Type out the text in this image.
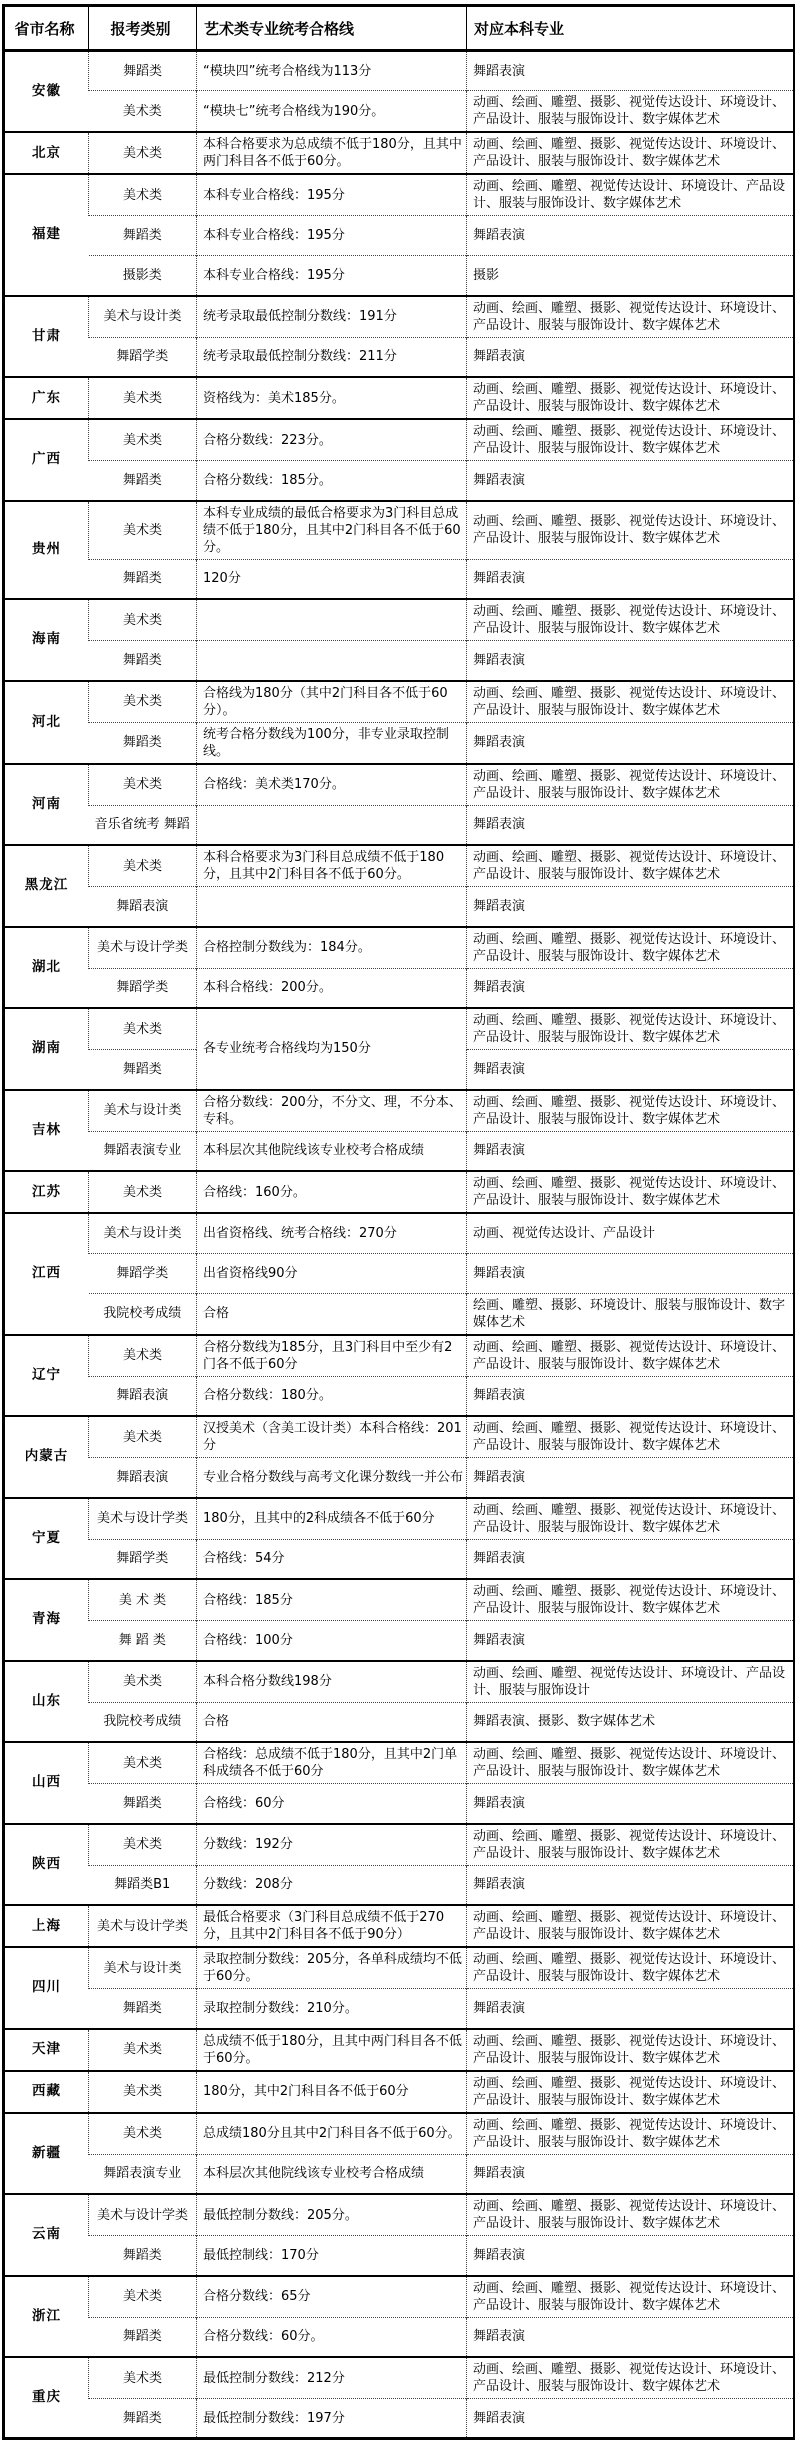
省市名称	报考类别	艺术类专业统考合格线	对应本科专业
安徽	舞蹈类	“模块四”统考合格线为113分	舞蹈表演
	美术类	“模块七”统考合格线为190分。	动画、绘画、雕塑、摄影、视觉传达设计、环境设计、产品设计、服装与服饰设计、数字媒体艺术
北京	美术类	本科合格要求为总成绩不低于180分，且其中两门科目各不低于60分。	动画、绘画、雕塑、摄影、视觉传达设计、环境设计、产品设计、服装与服饰设计、数字媒体艺术
福建	美术类	本科专业合格线：195分	动画、绘画、雕塑、视觉传达设计、环境设计、产品设计、服装与服饰设计、数字媒体艺术
	舞蹈类	本科专业合格线：195分	舞蹈表演
	摄影类	本科专业合格线：195分	摄影
甘肃	美术与设计类	统考录取最低控制分数线：191分	动画、绘画、雕塑、摄影、视觉传达设计、环境设计、产品设计、服装与服饰设计、数字媒体艺术
	舞蹈学类	统考录取最低控制分数线：211分	舞蹈表演
广东	美术类	资格线为：美术185分。	动画、绘画、雕塑、摄影、视觉传达设计、环境设计、产品设计、服装与服饰设计、数字媒体艺术
广西	美术类	合格分数线：223分。	动画、绘画、雕塑、摄影、视觉传达设计、环境设计、产品设计、服装与服饰设计、数字媒体艺术
	舞蹈类	合格分数线：185分。	舞蹈表演
贵州	美术类	本科专业成绩的最低合格要求为3门科目总成绩不低于180分，且其中2门科目各不低于60分。	动画、绘画、雕塑、摄影、视觉传达设计、环境设计、产品设计、服装与服饰设计、数字媒体艺术
	舞蹈类	120分	舞蹈表演
海南	美术类		动画、绘画、雕塑、摄影、视觉传达设计、环境设计、产品设计、服装与服饰设计、数字媒体艺术
	舞蹈类		舞蹈表演
河北	美术类	合格线为180分（其中2门科目各不低于60分）。	动画、绘画、雕塑、摄影、视觉传达设计、环境设计、产品设计、服装与服饰设计、数字媒体艺术
	舞蹈类	统考合格分数线为100分，非专业录取控制线。	舞蹈表演
河南	美术类	合格线：美术类170分。	动画、绘画、雕塑、摄影、视觉传达设计、环境设计、产品设计、服装与服饰设计、数字媒体艺术
	音乐省统考 舞蹈		舞蹈表演
黑龙江	美术类	本科合格要求为3门科目总成绩不低于180分，且其中2门科目各不低于60分。	动画、绘画、雕塑、摄影、视觉传达设计、环境设计、产品设计、服装与服饰设计、数字媒体艺术
	舞蹈表演		舞蹈表演
湖北	美术与设计学类	合格控制分数线为：184分。	动画、绘画、雕塑、摄影、视觉传达设计、环境设计、产品设计、服装与服饰设计、数字媒体艺术
	舞蹈学类	本科合格线：200分。	舞蹈表演
湖南	美术类	各专业统考合格线均为150分	动画、绘画、雕塑、摄影、视觉传达设计、环境设计、产品设计、服装与服饰设计、数字媒体艺术
	舞蹈类		舞蹈表演
吉林	美术与设计类	合格分数线：200分，不分文、理，不分本、专科。	动画、绘画、雕塑、摄影、视觉传达设计、环境设计、产品设计、服装与服饰设计、数字媒体艺术
	舞蹈表演专业	本科层次其他院线该专业校考合格成绩	舞蹈表演
江苏	美术类	合格线：160分。	动画、绘画、雕塑、摄影、视觉传达设计、环境设计、产品设计、服装与服饰设计、数字媒体艺术
江西	美术与设计类	出省资格线、统考合格线：270分	动画、视觉传达设计、产品设计
	舞蹈学类	出省资格线90分	舞蹈表演
	我院校考成绩	合格	绘画、雕塑、摄影、环境设计、服装与服饰设计、数字媒体艺术
辽宁	美术类	合格分数线为185分，且3门科目中至少有2门各不低于60分	动画、绘画、雕塑、摄影、视觉传达设计、环境设计、产品设计、服装与服饰设计、数字媒体艺术
	舞蹈表演	合格分数线：180分。	舞蹈表演
内蒙古	美术类	汉授美术（含美工设计类）本科合格线：201分	动画、绘画、雕塑、摄影、视觉传达设计、环境设计、产品设计、服装与服饰设计、数字媒体艺术
	舞蹈表演	专业合格分数线与高考文化课分数线一并公布	舞蹈表演
宁夏	美术与设计学类	180分，且其中的2科成绩各不低于60分	动画、绘画、雕塑、摄影、视觉传达设计、环境设计、产品设计、服装与服饰设计、数字媒体艺术
	舞蹈学类	合格线：54分	舞蹈表演
青海	美 术 类	合格线：185分	动画、绘画、雕塑、摄影、视觉传达设计、环境设计、产品设计、服装与服饰设计、数字媒体艺术
	舞 蹈 类	合格线：100分	舞蹈表演
山东	美术类	本科合格分数线198分	动画、绘画、雕塑、视觉传达设计、环境设计、产品设计、服装与服饰设计
	我院校考成绩	合格	舞蹈表演、摄影、数字媒体艺术
山西	美术类	合格线：总成绩不低于180分，且其中2门单科成绩各不低于60分	动画、绘画、雕塑、摄影、视觉传达设计、环境设计、产品设计、服装与服饰设计、数字媒体艺术
	舞蹈类	合格线：60分	舞蹈表演
陕西	美术类	分数线：192分	动画、绘画、雕塑、摄影、视觉传达设计、环境设计、产品设计、服装与服饰设计、数字媒体艺术
	舞蹈类B1	分数线：208分	舞蹈表演
上海	美术与设计学类	最低合格要求（3门科目总成绩不低于270分，且其中2门科目各不低于90分）	动画、绘画、雕塑、摄影、视觉传达设计、环境设计、产品设计、服装与服饰设计、数字媒体艺术
四川	美术与设计类	录取控制分数线：205分，各单科成绩均不低于60分。	动画、绘画、雕塑、摄影、视觉传达设计、环境设计、产品设计、服装与服饰设计、数字媒体艺术
	舞蹈类	录取控制分数线：210分。	舞蹈表演
天津	美术类	总成绩不低于180分，且其中两门科目各不低于60分。	动画、绘画、雕塑、摄影、视觉传达设计、环境设计、产品设计、服装与服饰设计、数字媒体艺术
西藏	美术类	180分，其中2门科目各不低于60分	动画、绘画、雕塑、摄影、视觉传达设计、环境设计、产品设计、服装与服饰设计、数字媒体艺术
新疆	美术类	总成绩180分且其中2门科目各不低于60分。	动画、绘画、雕塑、摄影、视觉传达设计、环境设计、产品设计、服装与服饰设计、数字媒体艺术
	舞蹈表演专业	本科层次其他院线该专业校考合格成绩	舞蹈表演
云南	美术与设计学类	最低控制分数线：205分。	动画、绘画、雕塑、摄影、视觉传达设计、环境设计、产品设计、服装与服饰设计、数字媒体艺术
	舞蹈类	最低控制线：170分	舞蹈表演
浙江	美术类	合格分数线：65分	动画、绘画、雕塑、摄影、视觉传达设计、环境设计、产品设计、服装与服饰设计、数字媒体艺术
	舞蹈类	合格分数线：60分。	舞蹈表演
重庆	美术类	最低控制分数线：212分	动画、绘画、雕塑、摄影、视觉传达设计、环境设计、产品设计、服装与服饰设计、数字媒体艺术
	舞蹈类	最低控制分数线：197分	舞蹈表演
